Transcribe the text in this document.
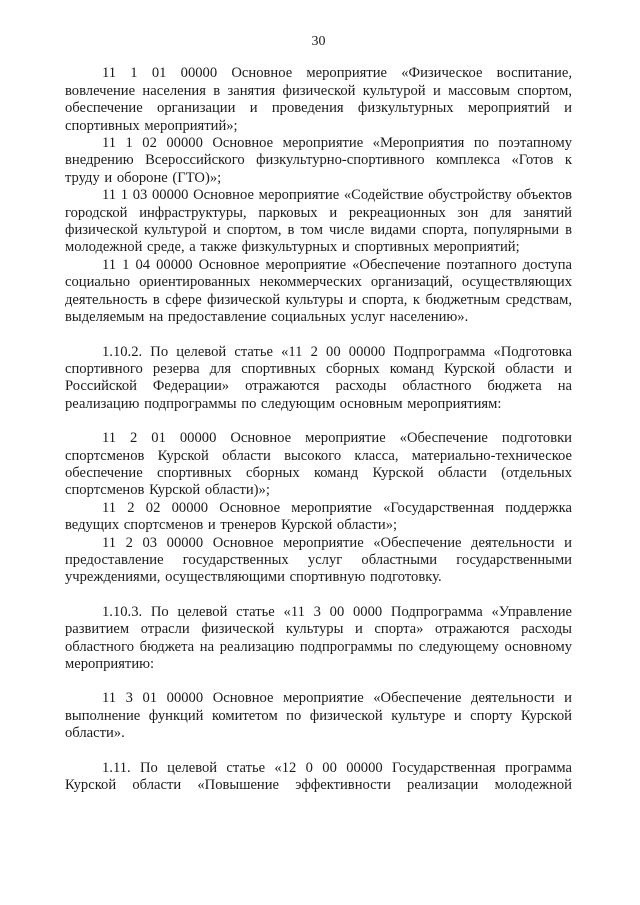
30

11 1 01 00000 Основное мероприятие «Физическое воспитание, вовлечение населения в занятия физической культурой и массовым спортом, обеспечение организации и проведения физкультурных мероприятий и спортивных мероприятий»;

11 1 02 00000 Основное мероприятие «Мероприятия по поэтапному внедрению Всероссийского физкультурно-спортивного комплекса «Готов к труду и обороне (ГТО)»;

11 1 03 00000 Основное мероприятие «Содействие обустройству объектов городской инфраструктуры, парковых и рекреационных зон для занятий физической культурой и спортом, в том числе видами спорта, популярными в молодежной среде, а также физкультурных и спортивных мероприятий;

11 1 04 00000 Основное мероприятие «Обеспечение поэтапного доступа социально ориентированных некоммерческих организаций, осуществляющих деятельность в сфере физической культуры и спорта, к бюджетным средствам, выделяемым на предоставление социальных услуг населению».

1.10.2. По целевой статье «11 2 00 00000 Подпрограмма «Подготовка спортивного резерва для спортивных сборных команд Курской области и Российской Федерации» отражаются расходы областного бюджета на реализацию подпрограммы по следующим основным мероприятиям:

11 2 01 00000 Основное мероприятие «Обеспечение подготовки спортсменов Курской области высокого класса, материально-техническое обеспечение спортивных сборных команд Курской области (отдельных спортсменов Курской области)»;

11 2 02 00000 Основное мероприятие «Государственная поддержка ведущих спортсменов и тренеров Курской области»;

11 2 03 00000 Основное мероприятие «Обеспечение деятельности и предоставление государственных услуг областными государственными учреждениями, осуществляющими спортивную подготовку.

1.10.3. По целевой статье «11 3 00 0000 Подпрограмма «Управление развитием отрасли физической культуры и спорта» отражаются расходы областного бюджета на реализацию подпрограммы по следующему основному мероприятию:

11 3 01 00000 Основное мероприятие «Обеспечение деятельности и выполнение функций комитетом по физической культуре и спорту Курской области».

1.11. По целевой статье «12 0 00 00000 Государственная программа Курской области «Повышение эффективности реализации молодежной
